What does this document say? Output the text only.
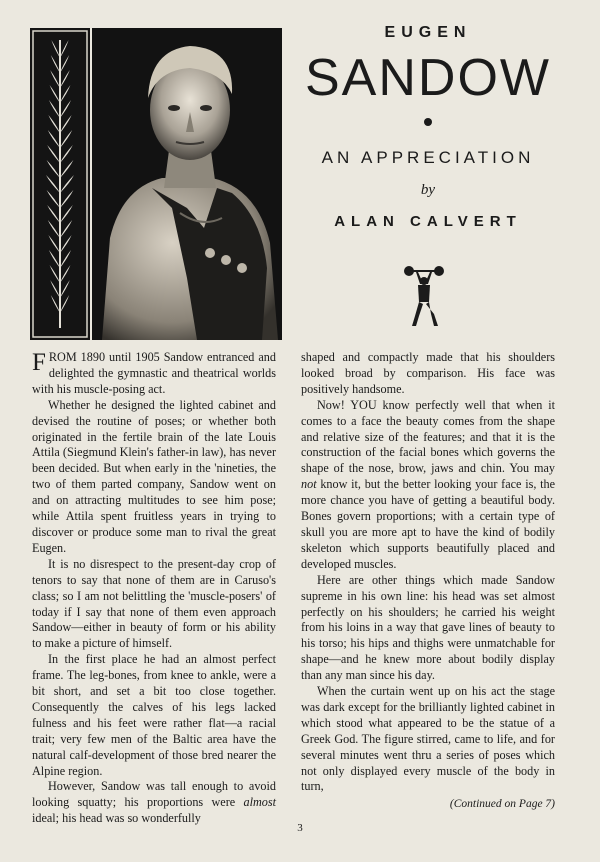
EUGEN
SANDOW
AN APPRECIATION
by
ALAN CALVERT

FROM 1890 until 1905 Sandow entranced and delighted the gymnastic and theatrical worlds with his muscle-posing act.

Whether he designed the lighted cabinet and devised the routine of poses; or whether both originated in the fertile brain of the late Louis Attila (Siegmund Klein's father-in law), has never been decided. But when early in the 'nineties, the two of them parted company, Sandow went on and on attracting multitudes to see him pose; while Attila spent fruitless years in trying to discover or produce some man to rival the great Eugen.

It is no disrespect to the present-day crop of tenors to say that none of them are in Caruso's class; so I am not belittling the 'muscle-posers' of today if I say that none of them even approach Sandow—either in beauty of form or his ability to make a picture of himself.

In the first place he had an almost perfect frame. The leg-bones, from knee to ankle, were a bit short, and set a bit too close together. Consequently the calves of his legs lacked fulness and his feet were rather flat—a racial trait; very few men of the Baltic area have the natural calf-development of those bred nearer the Alpine region.

However, Sandow was tall enough to avoid looking squatty; his proportions were almost ideal; his head was so wonderfully

shaped and compactly made that his shoulders looked broad by comparison. His face was positively handsome.

Now! YOU know perfectly well that when it comes to a face the beauty comes from the shape and relative size of the features; and that it is the construction of the facial bones which governs the shape of the nose, brow, jaws and chin. You may not know it, but the better looking your face is, the more chance you have of getting a beautiful body. Bones govern proportions; with a certain type of skull you are more apt to have the kind of bodily skeleton which supports beautifully placed and developed muscles.

Here are other things which made Sandow supreme in his own line: his head was set almost perfectly on his shoulders; he carried his weight from his loins in a way that gave lines of beauty to his torso; his hips and thighs were unmatchable for shape—and he knew more about bodily display than any man since his day.

When the curtain went up on his act the stage was dark except for the brilliantly lighted cabinet in which stood what appeared to be the statue of a Greek God. The figure stirred, came to life, and for several minutes went thru a series of poses which not only displayed every muscle of the body in turn,

(Continued on Page 7)
3
